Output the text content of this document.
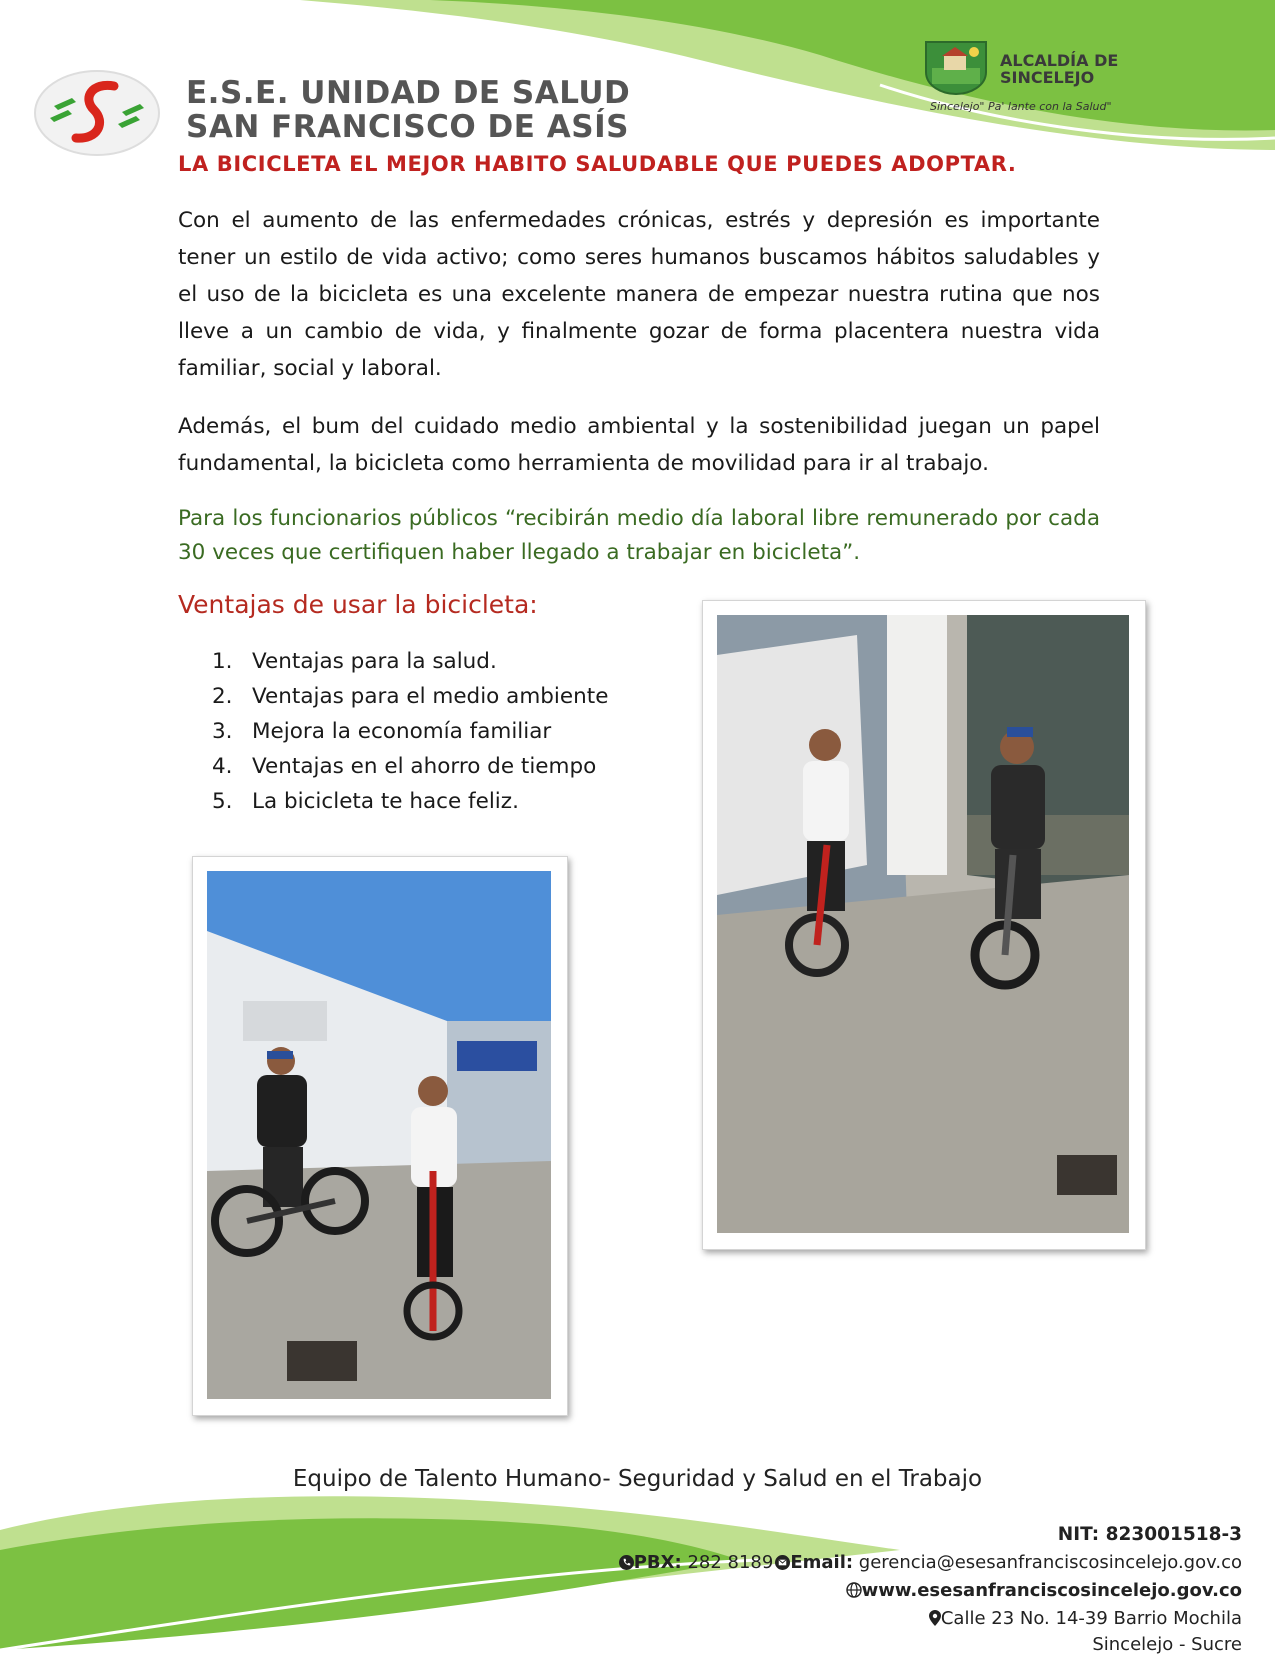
E.S.E. UNIDAD DE SALUD
SAN FRANCISCO DE ASÍS
ALCALDÍA DE
SINCELEJO
Sincelejo" Pa' lante con la Salud"
LA BICICLETA EL MEJOR HABITO SALUDABLE QUE PUEDES ADOPTAR.
Con el aumento de las enfermedades crónicas, estrés y depresión es importante tener un estilo de vida activo; como seres humanos buscamos hábitos saludables y el uso de la bicicleta es una excelente manera de empezar nuestra rutina que nos lleve a un cambio de vida, y finalmente gozar de forma placentera nuestra vida familiar, social y laboral.
Además, el bum del cuidado medio ambiental y la sostenibilidad juegan un papel fundamental, la bicicleta como herramienta de movilidad para ir al trabajo.
Para los funcionarios públicos “recibirán medio día laboral libre remunerado por cada 30 veces que certifiquen haber llegado a trabajar en bicicleta”.
Ventajas de usar la bicicleta:
1. Ventajas para la salud.
2. Ventajas para el medio ambiente
3. Mejora la economía familiar
4. Ventajas en el ahorro de tiempo
5. La bicicleta te hace feliz.
Equipo de Talento Humano- Seguridad y Salud en el Trabajo
NIT: 823001518-3
PBX: 282 8189 Email: gerencia@esesanfranciscosincelejo.gov.co
www.esesanfranciscosincelejo.gov.co
Calle 23 No. 14-39 Barrio Mochila
Sincelejo - Sucre
